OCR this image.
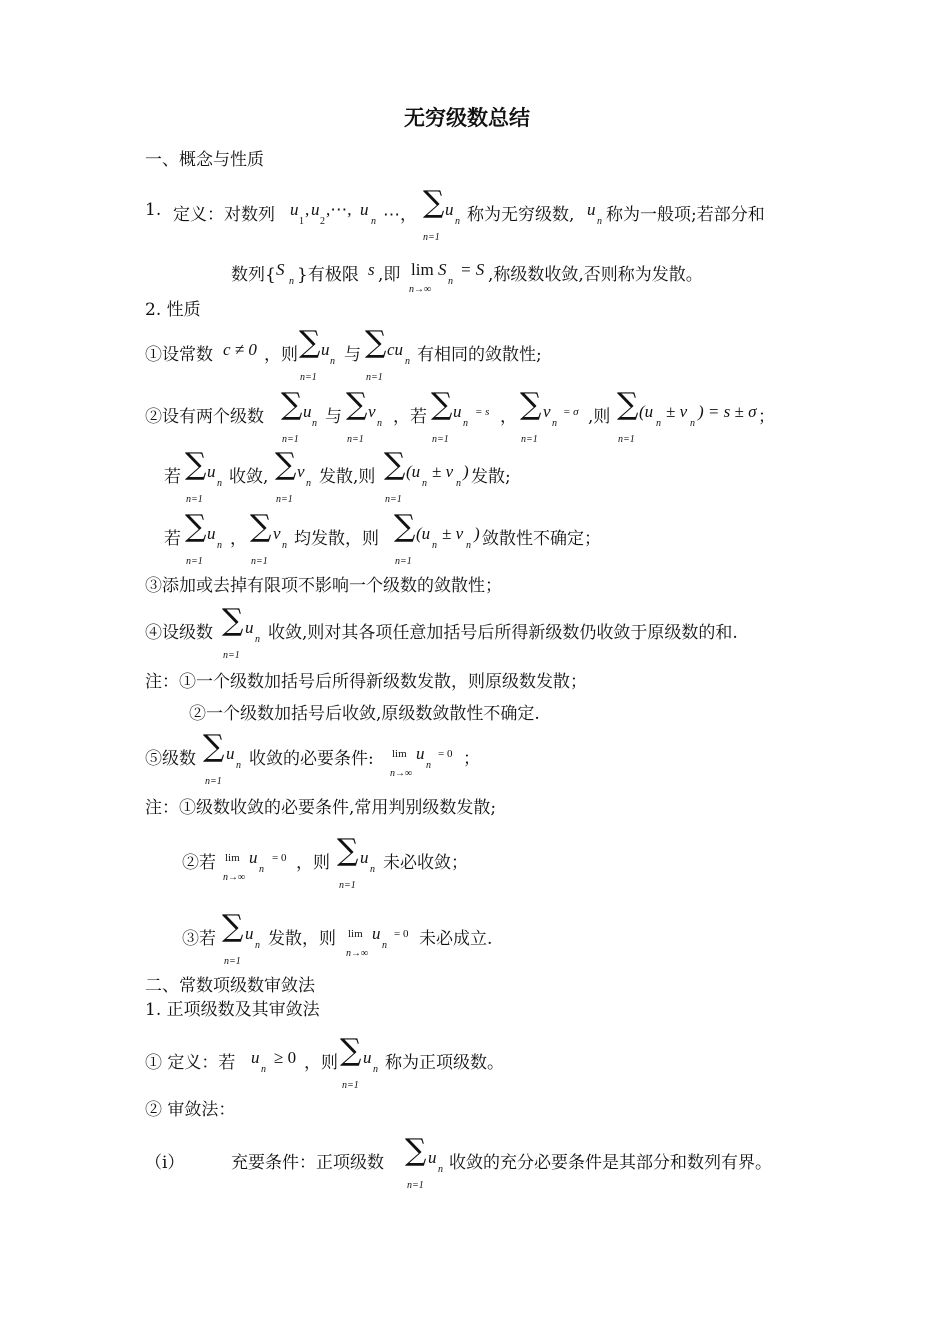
无穷级数总结
一、概念与性质
1. 定义：对数列 u
1
, u
2
,⋯, u
n ⋯， ∑ u
n
n=1
称为无穷级数, u
n 称为一般项;若部分和
数列{ S
n }有极限 s ,即 lim
n→∞
S
n
= S ,称级数收敛,否则称为发散。
2. 性质
①设常数 c ≠ 0 ，则 ∑ u
n
n=1
与 ∑ cu
n
n=1
有相同的敛散性;
②设有两个级数 ∑ u
n
n=1
与 ∑ v
n
n=1
，若 ∑ u
n
n=1
= s ， ∑ v
n
n=1
= σ ,则 ∑ (u
n
± v
n
) = s ± σ
n=1
；
若 ∑ u
n
n=1
收敛, ∑ v
n
n=1
发散,则 ∑ (u
n
± v
n
)
n=1
发散;
若 ∑ u
n
n=1
， ∑ v
n
n=1
均发散，则 ∑ (u
n
± v
n
)
n=1
敛散性不确定；
③添加或去掉有限项不影响一个级数的敛散性；
④设级数 ∑ u
n
n=1
收敛,则对其各项任意加括号后所得新级数仍收敛于原级数的和.
注：①一个级数加括号后所得新级数发散，则原级数发散；
②一个级数加括号后收敛,原级数敛散性不确定.
⑤级数 ∑ u
n
n=1
收敛的必要条件: lim u
n
n→∞
= 0 ；
注：①级数收敛的必要条件,常用判别级数发散;
②若 lim u
n
n→∞
= 0 ，则 ∑ u
n
n=1
未必收敛；
③若 ∑ u
n
n=1
发散，则 lim u
n
n→∞
= 0 未必成立.
二、常数项级数审敛法
1. 正项级数及其审敛法
① 定义：若 u
n
≥ 0 ，则 ∑ u
n
n=1
称为正项级数。
② 审敛法：
（i）	充要条件：正项级数 ∑ u
n
n=1
收敛的充分必要条件是其部分和数列有界。
